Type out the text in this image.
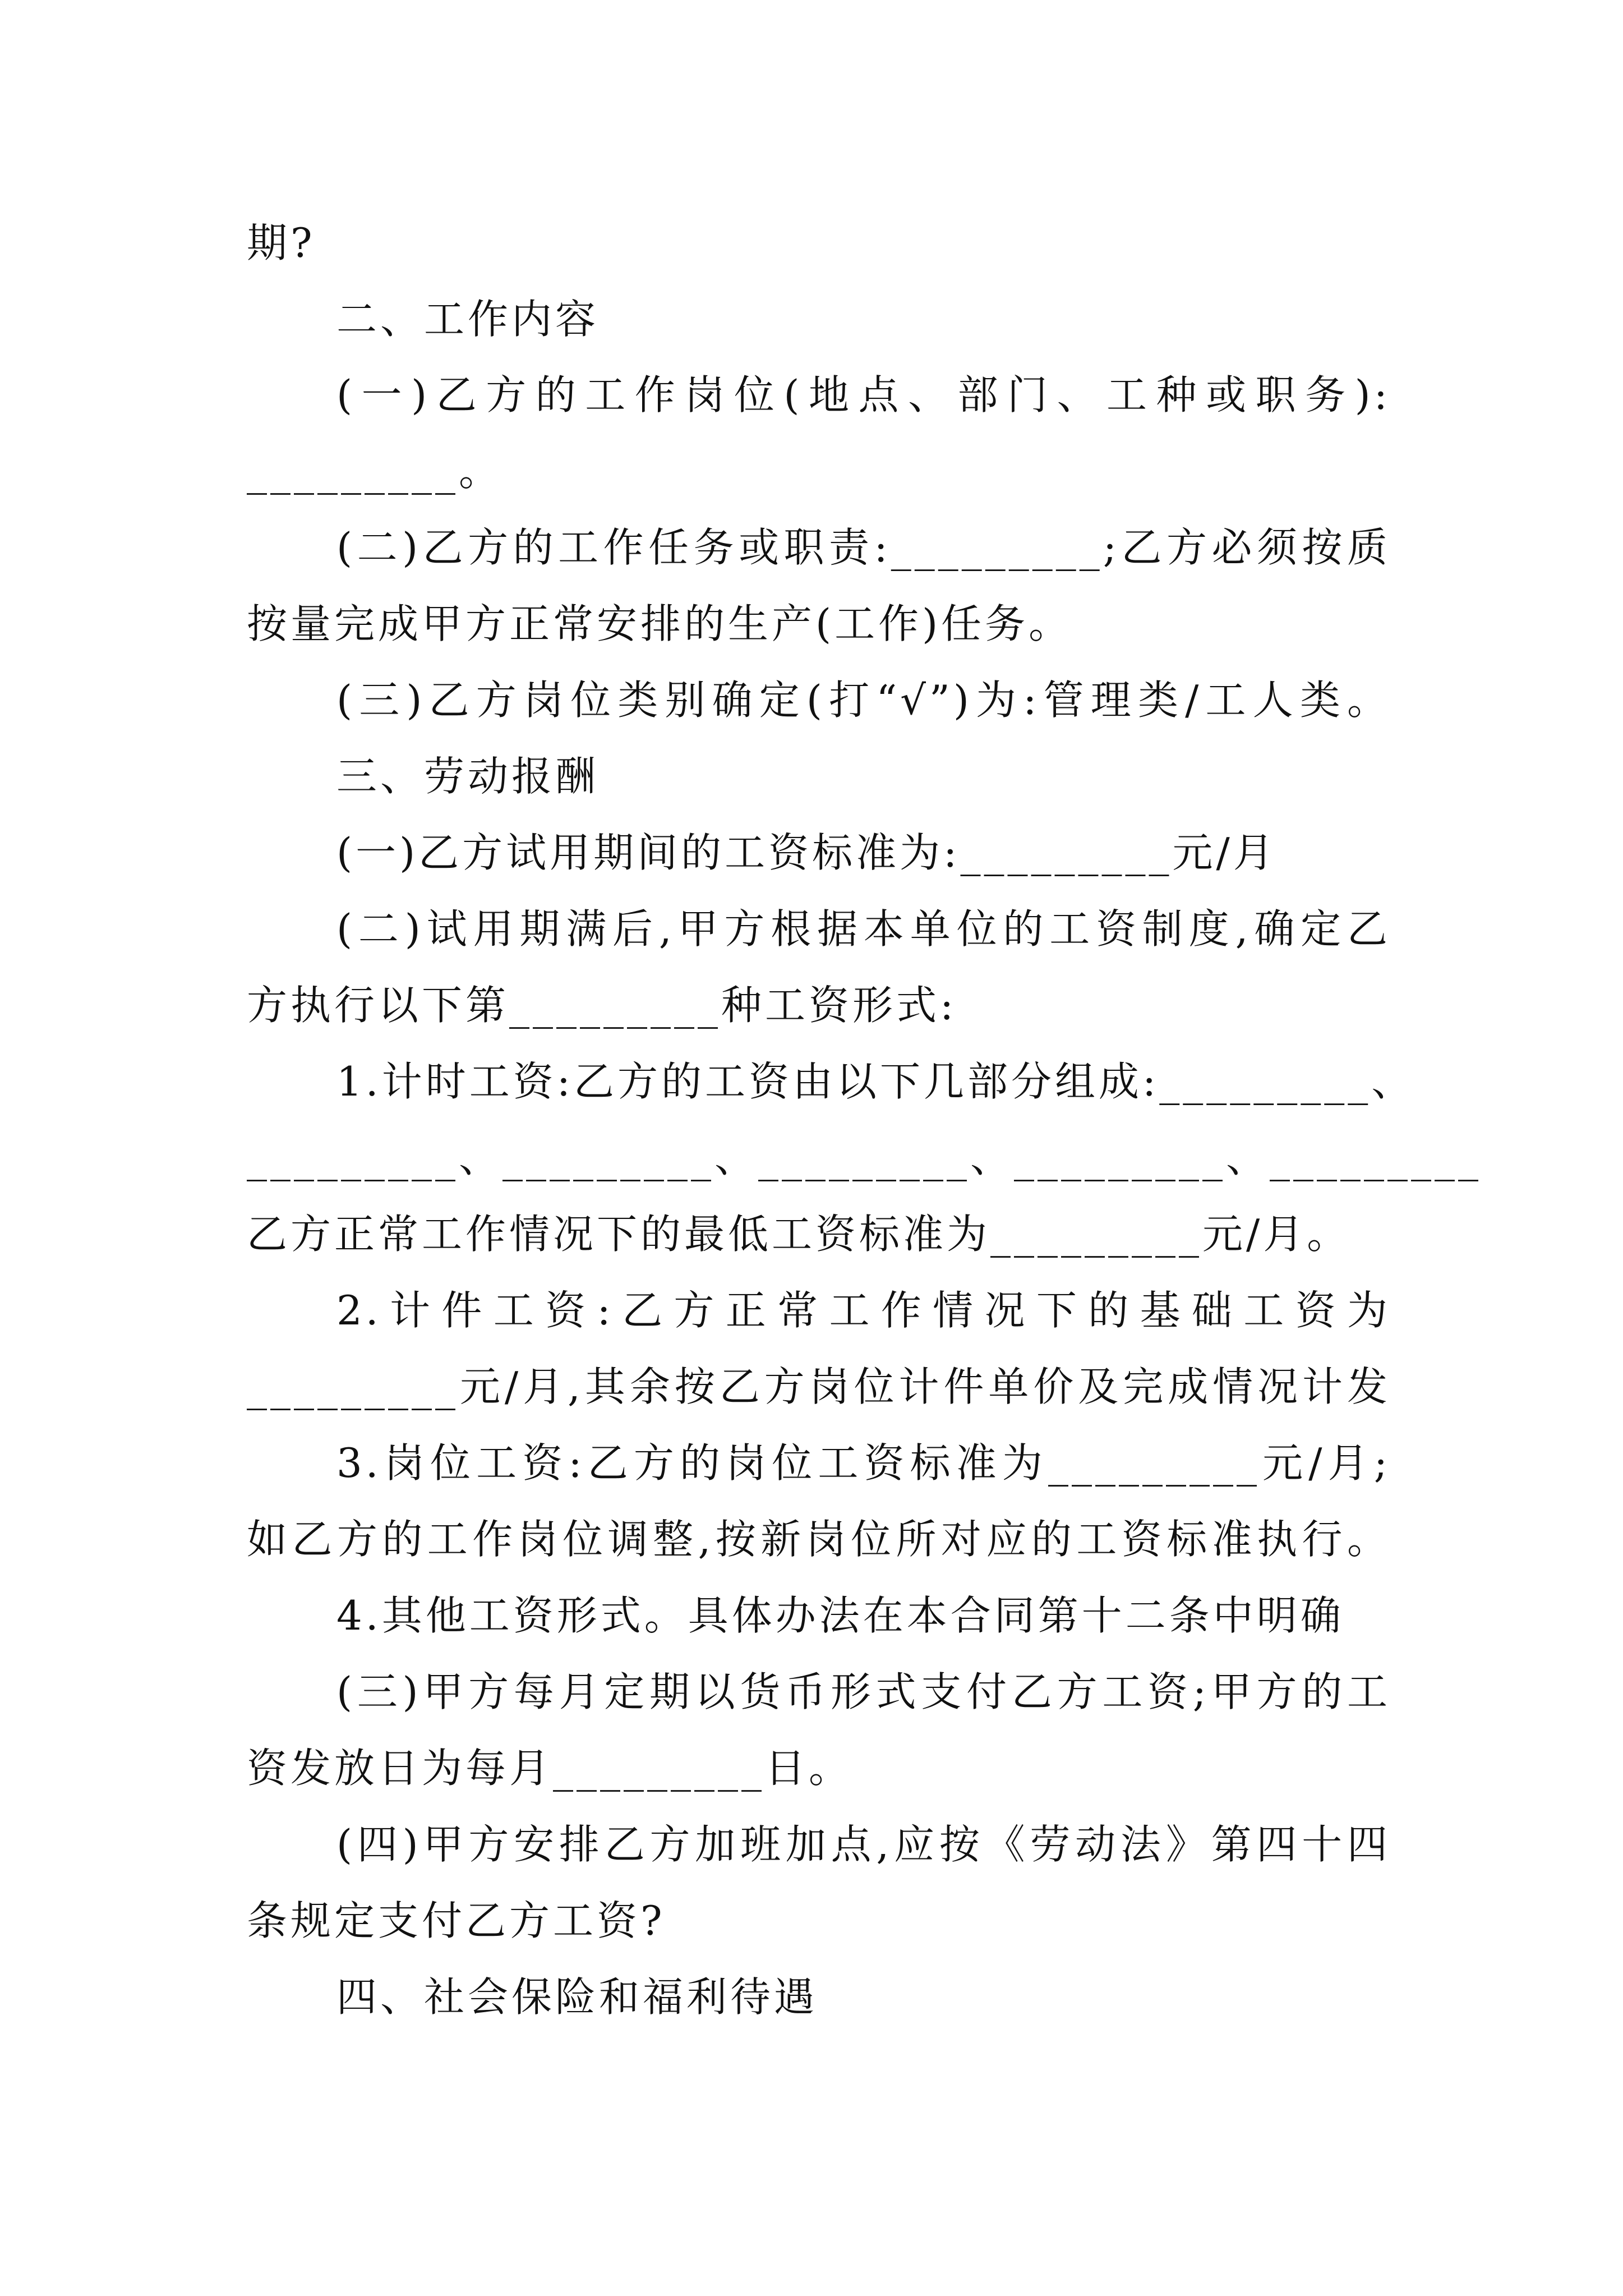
期?
二、工作内容
(一)乙方的工作岗位(地点、部门、工种或职务):
_________。
(二)乙方的工作任务或职责:_________;乙方必须按质
按量完成甲方正常安排的生产(工作)任务。
(三)乙方岗位类别确定(打“√”)为:管理类/工人类。
三、劳动报酬
(一)乙方试用期间的工资标准为:_________元/月
(二)试用期满后,甲方根据本单位的工资制度,确定乙
方执行以下第_________种工资形式:
1.计时工资:乙方的工资由以下几部分组成:_________、
_________、_________、_________、_________、_________
乙方正常工作情况下的最低工资标准为_________元/月。
2.计件工资:乙方正常工作情况下的基础工资为
_________元/月,其余按乙方岗位计件单价及完成情况计发
3.岗位工资:乙方的岗位工资标准为_________元/月;
如乙方的工作岗位调整,按新岗位所对应的工资标准执行。
4.其他工资形式。具体办法在本合同第十二条中明确
(三)甲方每月定期以货币形式支付乙方工资;甲方的工
资发放日为每月_________日。
(四)甲方安排乙方加班加点,应按《劳动法》第四十四
条规定支付乙方工资?
四、社会保险和福利待遇
